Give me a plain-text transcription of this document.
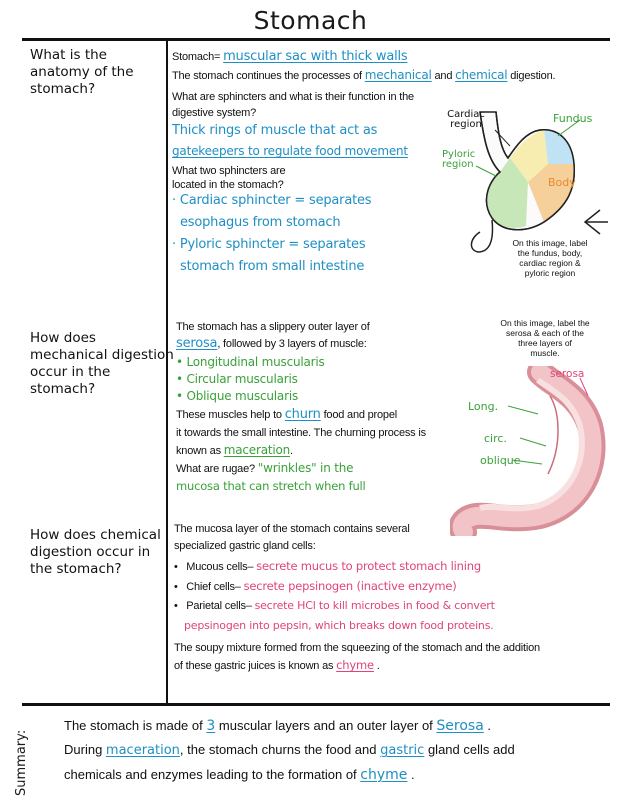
Stomach
What is the
anatomy of the
stomach?
How does
mechanical digestion
occur in the
stomach?
How does chemical
digestion occur in
the stomach?
Stomach= muscular sac with thick walls
The stomach continues the processes of mechanical and chemical digestion.
What are sphincters and what is their function in the
digestive system?
Thick rings of muscle that act as
gatekeepers to regulate food movement
What two sphincters are
located in the stomach?
· Cardiac sphincter = separates
esophagus from stomach
· Pyloric sphincter = separates
stomach from small intestine
Cardiac
region	Fundus
Pyloric
region
Body
On this image, label
the fundus, body,
cardiac region &
pyloric region
The stomach has a slippery outer layer of
serosa, followed by 3 layers of muscle:
• Longitudinal muscularis
• Circular muscularis
• Oblique muscularis
These muscles help to churn food and propel
it towards the small intestine. The churning process is
known as maceration.
What are rugae? "wrinkles" in the
mucosa that can stretch when full
On this image, label the
serosa & each of the
three layers of
muscle.
serosa
Long.
circ.
oblique
The mucosa layer of the stomach contains several
specialized gastric gland cells:
•   Mucous cells– secrete mucus to protect stomach lining
•   Chief cells– secrete pepsinogen (inactive enzyme)
•   Parietal cells– secrete HCl to kill microbes in food & convert
pepsinogen into pepsin, which breaks down food proteins.
The soupy mixture formed from the squeezing of the stomach and the addition
of these gastric juices is known as chyme .
Summary:
The stomach is made of 3 muscular layers and an outer layer of Serosa .
During maceration, the stomach churns the food and gastric gland cells add
chemicals and enzymes leading to the formation of chyme .
